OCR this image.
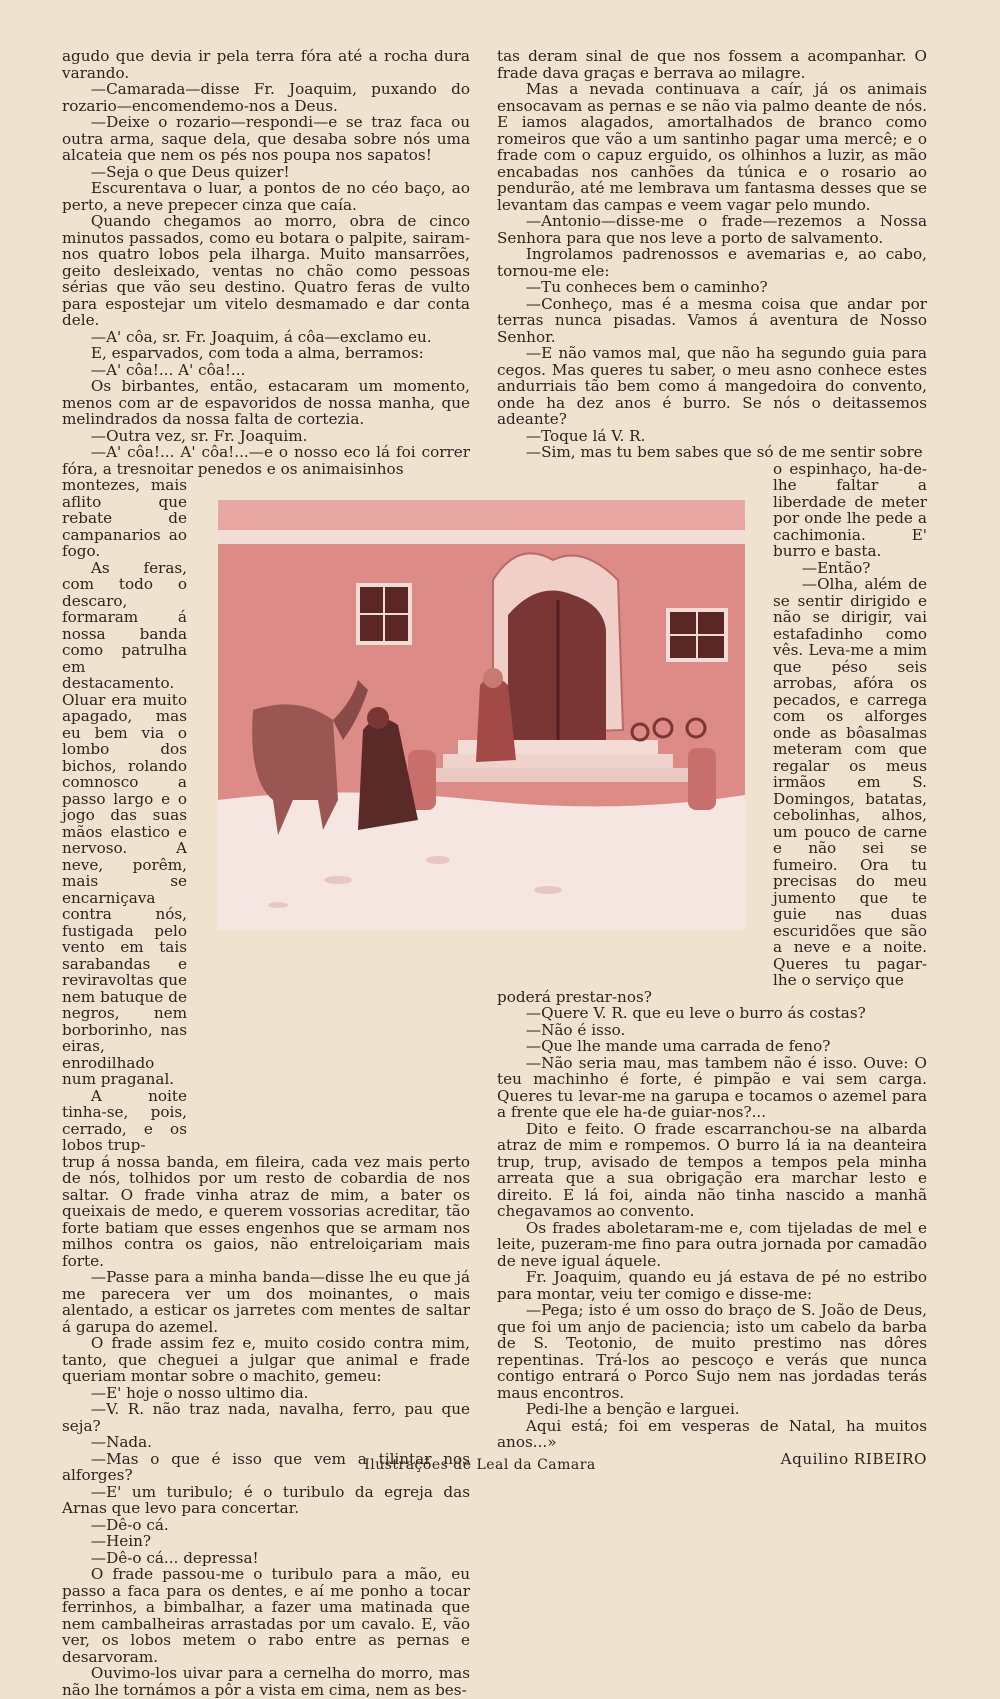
agudo que devia ir pela terra fóra até a rocha dura varando.

—Camarada—disse Fr. Joaquim, puxando do rozario—encomendemo-nos a Deus.

—Deixe o rozario—respondi—e se traz faca ou outra arma, saque dela, que desaba sobre nós uma alcateia que nem os pés nos poupa nos sapatos!

—Seja o que Deus quizer!

Escurentava o luar, a pontos de no céo baço, ao perto, a neve prepecer cinza que caía.

Quando chegamos ao morro, obra de cinco minutos passados, como eu botara o palpite, sairam-nos quatro lobos pela ilharga. Muito mansarrões, geito desleixado, ventas no chão como pessoas sérias que vão seu destino. Quatro feras de vulto para espostejar um vitelo desmamado e dar conta dele.

—A' côa, sr. Fr. Joaquim, á côa—exclamo eu.

E, esparvados, com toda a alma, berramos:

—A' côa!... A' côa!...

Os birbantes, então, estacaram um momento, menos com ar de espavoridos de nossa manha, que melindrados da nossa falta de cortezia.

—Outra vez, sr. Fr. Joaquim.

—A' côa!... A' côa!...—e o nosso eco lá foi correr fóra, a tresnoitar penedos e os animaisinhos

montezes, mais aflito que rebate de campanarios ao fogo.

As feras, com todo o descaro, formaram á nossa banda como patrulha em destacamento. Oluar era muito apagado, mas eu bem via o lombo dos bichos, rolando comnosco a passo largo e o jogo das suas mãos elastico e nervoso. A neve, porêm, mais se encarniçava contra nós, fustigada pelo vento em tais sarabandas e reviravoltas que nem batuque de negros, nem borborinho, nas eiras, enrodilhado num praganal.

A noite tinha-se, pois, cerrado, e os lobos trup-

trup á nossa banda, em fileira, cada vez mais perto de nós, tolhidos por um resto de cobardia de nos saltar. O frade vinha atraz de mim, a bater os queixais de medo, e querem vossorias acreditar, tão forte batiam que esses engenhos que se armam nos milhos contra os gaios, não entreloiçariam mais forte.

—Passe para a minha banda—disse lhe eu que já me parecera ver um dos moinantes, o mais alentado, a esticar os jarretes com mentes de saltar á garupa do azemel.

O frade assim fez e, muito cosido contra mim, tanto, que cheguei a julgar que animal e frade queriam montar sobre o machito, gemeu:

—E' hoje o nosso ultimo dia.

—V. R. não traz nada, navalha, ferro, pau que seja?

—Nada.

—Mas o que é isso que vem a tilintar nos alforges?

—E' um turibulo; é o turibulo da egreja das Arnas que levo para concertar.

—Dê-o cá.

—Hein?

—Dê-o cá... depressa!

O frade passou-me o turibulo para a mão, eu passo a faca para os dentes, e aí me ponho a tocar ferrinhos, a bimbalhar, a fazer uma matinada que nem cambalheiras arrastadas por um cavalo. E, vão ver, os lobos metem o rabo entre as pernas e desarvoram.

Ouvimo-los uivar para a cernelha do morro, mas não lhe tornámos a pôr a vista em cima, nem as bes-

tas deram sinal de que nos fossem a acompanhar. O frade dava graças e berrava ao milagre.

Mas a nevada continuava a caír, já os animais ensocavam as pernas e se não via palmo deante de nós. E iamos alagados, amortalhados de branco como romeiros que vão a um santinho pagar uma mercê; e o frade com o capuz erguido, os olhinhos a luzir, as mão encabadas nos canhões da túnica e o rosario ao pendurão, até me lembrava um fantasma desses que se levantam das campas e veem vagar pelo mundo.

—Antonio—disse-me o frade—rezemos a Nossa Senhora para que nos leve a porto de salvamento.

Ingrolamos padrenossos e avemarias e, ao cabo, tornou-me ele:

—Tu conheces bem o caminho?

—Conheço, mas é a mesma coisa que andar por terras nunca pisadas. Vamos á aventura de Nosso Senhor.

—E não vamos mal, que não ha segundo guia para cegos. Mas queres tu saber, o meu asno conhece estes andurriais tão bem como á mangedoira do convento, onde ha dez anos é burro. Se nós o deitassemos adeante?

—Toque lá V. R.

—Sim, mas tu bem sabes que só de me sentir sobre

o espinhaço, ha-de-lhe faltar a liberdade de meter por onde lhe pede a cachimonia. E' burro e basta.

—Então?

—Olha, além de se sentir dirigido e não se dirigir, vai estafadinho como vês. Leva-me a mim que péso seis arrobas, afóra os pecados, e carrega com os alforges onde as bôasalmas meteram com que regalar os meus irmãos em S. Domingos, batatas, cebolinhas, alhos, um pouco de carne e não sei se fumeiro. Ora tu precisas do meu jumento que te guie nas duas escuridões que são a neve e a noite. Queres tu pagar-lhe o serviço que

poderá prestar-nos?

—Quere V. R. que eu leve o burro ás costas?

—Não é isso.

—Que lhe mande uma carrada de feno?

—Não seria mau, mas tambem não é isso. Ouve: O teu machinho é forte, é pimpão e vai sem carga. Queres tu levar-me na garupa e tocamos o azemel para a frente que ele ha-de guiar-nos?...

Dito e feito. O frade escarranchou-se na albarda atraz de mim e rompemos. O burro lá ia na deanteira trup, trup, avisado de tempos a tempos pela minha arreata que a sua obrigação era marchar lesto e direito. E lá foi, ainda não tinha nascido a manhã chegavamos ao convento.

Os frades aboletaram-me e, com tijeladas de mel e leite, puzeram-me fino para outra jornada por camadão de neve igual áquele.

Fr. Joaquim, quando eu já estava de pé no estribo para montar, veiu ter comigo e disse-me:

—Pega; isto é um osso do braço de S. João de Deus, que foi um anjo de paciencia; isto um cabelo da barba de S. Teotonio, de muito prestimo nas dôres repentinas. Trá-los ao pescoço e verás que nunca contigo entrará o Porco Sujo nem nas jordadas terás maus encontros.

Pedi-lhe a benção e larguei.

Aqui está; foi em vesperas de Natal, ha muitos anos...»

Aquilino RIBEIRO

Ilustrações de Leal da Camara
